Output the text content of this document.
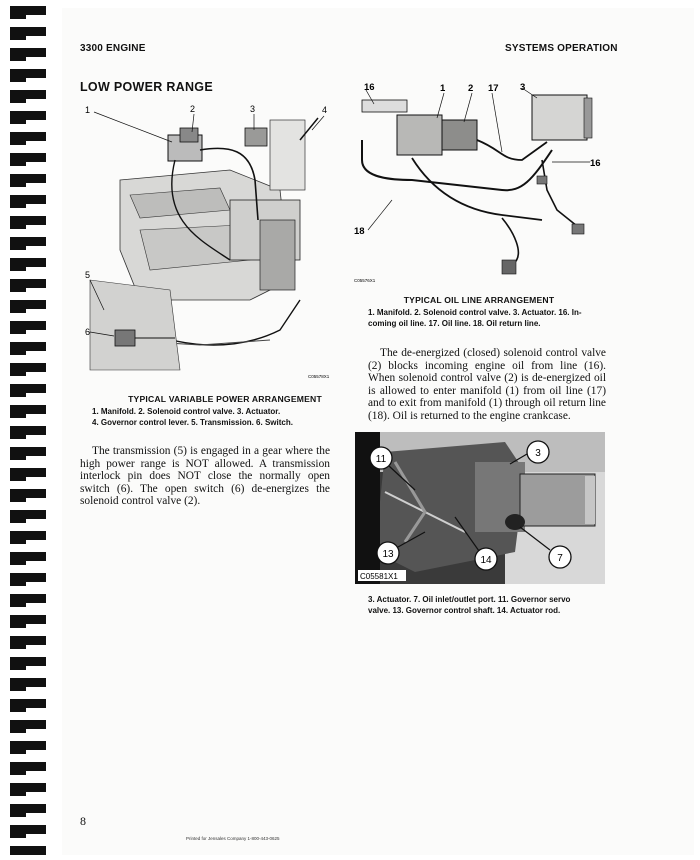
3300 ENGINE	SYSTEMS OPERATION
LOW POWER RANGE
1	2	3	4
5
6
C05578X1
TYPICAL VARIABLE POWER ARRANGEMENT
1. Manifold. 2. Solenoid control valve. 3. Actuator.
4. Governor control lever. 5. Transmission. 6. Switch.

The transmission (5) is engaged in a gear where the high power range is NOT allowed. A transmission interlock pin does NOT close the normally open switch (6). The open switch (6) de-energizes the solenoid control valve (2).

16	1 2 17 3
16
18
C05576X1
TYPICAL OIL LINE ARRANGEMENT
1. Manifold. 2. Solenoid control valve. 3. Actuator. 16. In-
coming oil line. 17. Oil line. 18. Oil return line.

The de-energized (closed) solenoid control valve (2) blocks incoming engine oil from line (16). When solenoid control valve (2) is de-energized oil is allowed to enter manifold (1) from oil line (17) and to exit from manifold (1) through oil return line (18). Oil is returned to the engine crankcase.

11
3
13
14	7
C05581X1
3. Actuator. 7. Oil inlet/outlet port. 11. Governor servo
valve. 13. Governor control shaft. 14. Actuator rod.
8
Printed for Jensales Company 1-800-443-0625
